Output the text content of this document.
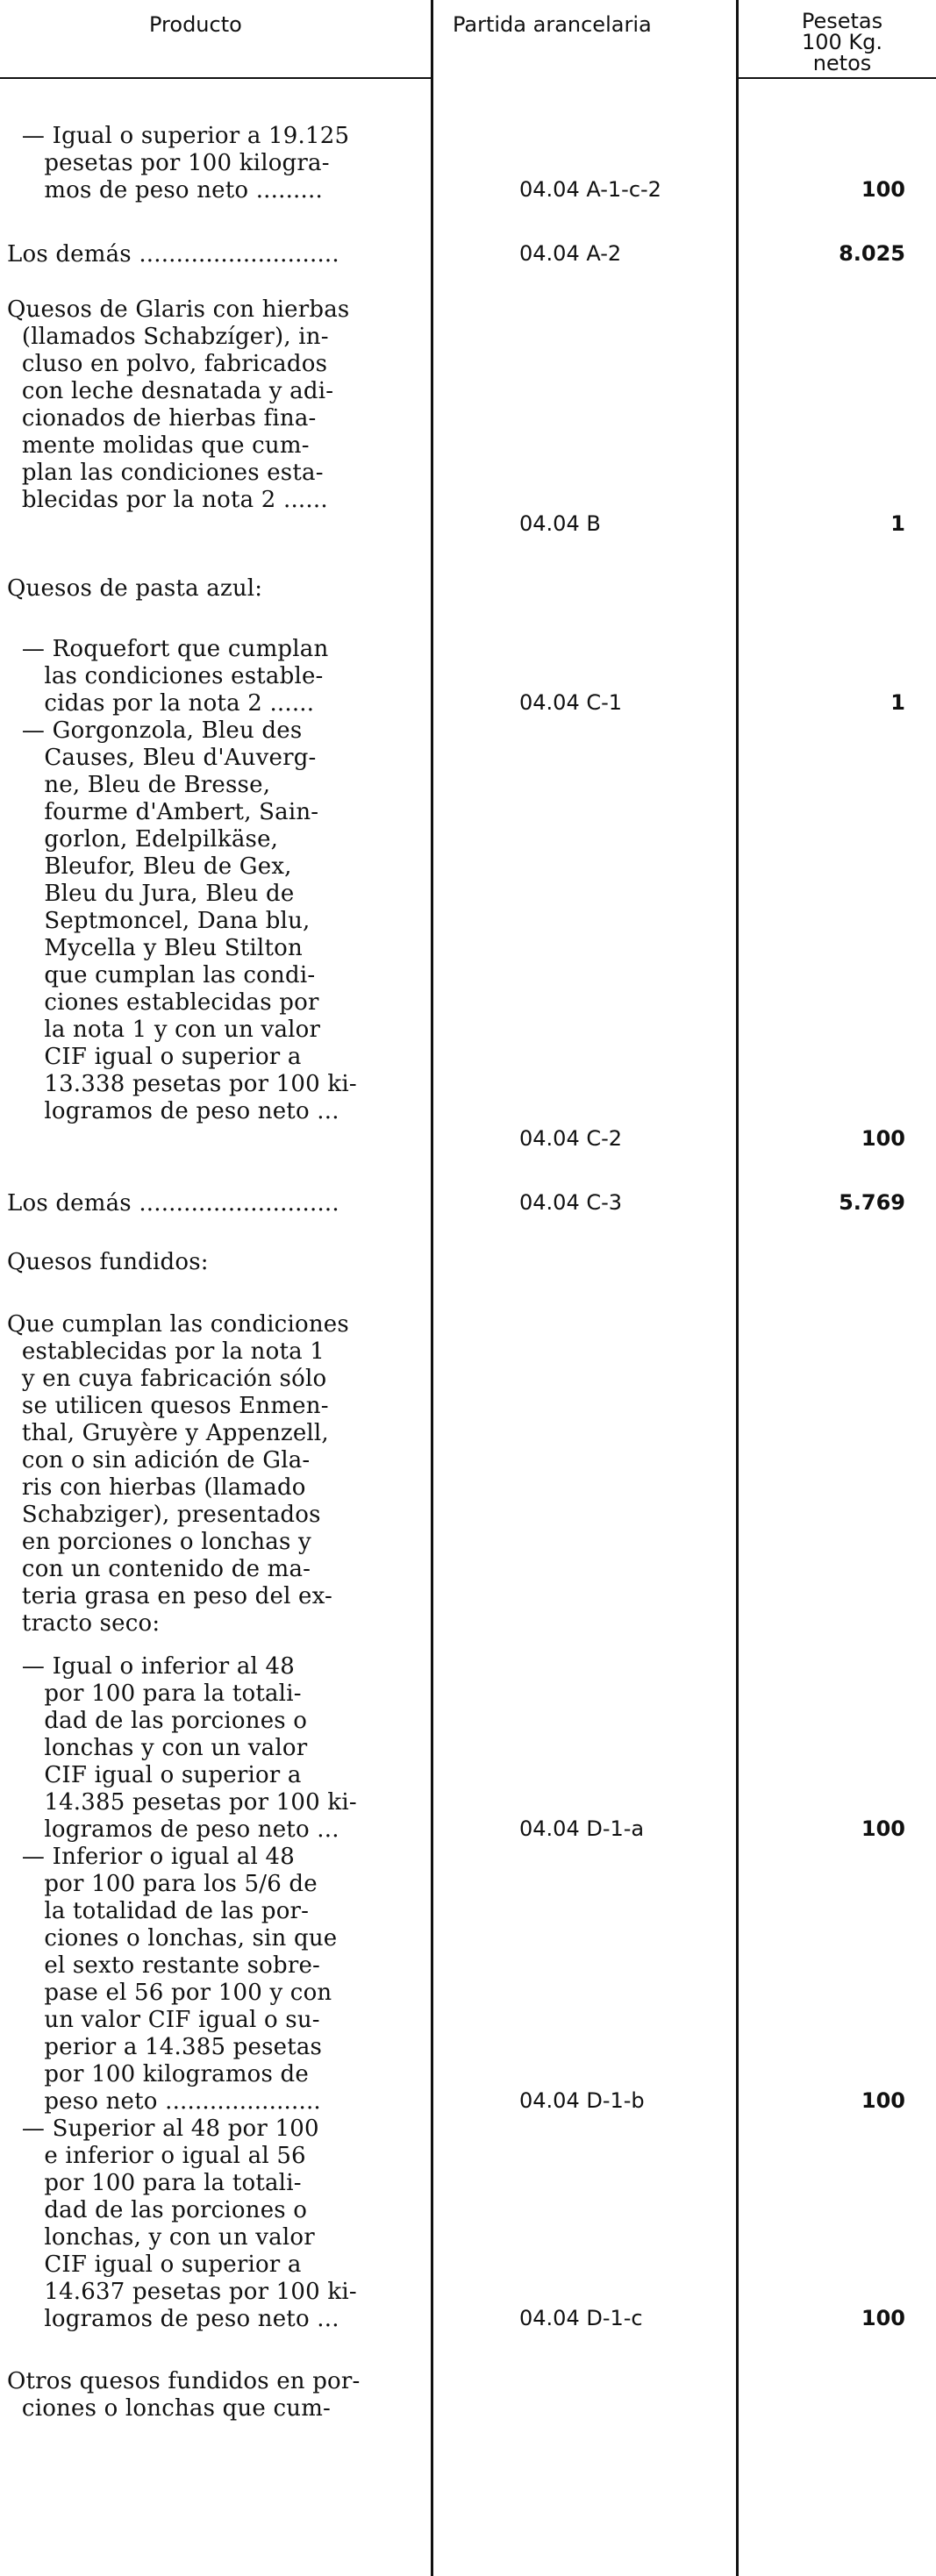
Producto	Partida arancelaria	Pesetas
100 Kg. netos
— Igual o superior a 19.125
pesetas por 100 kilogra-
mos de peso neto .........	04.04 A-1-c-2	100
Los demás ...........................	04.04 A-2	8.025
Quesos de Glaris con hierbas
(llamados Schabzíger), in-
cluso en polvo, fabricados
con leche desnatada y adi-
cionados de hierbas fina-
mente molidas que cum-
plan las condiciones esta-
blecidas por la nota 2 ......
04.04 B	1
Quesos de pasta azul:
— Roquefort que cumplan
las condiciones estable-
cidas por la nota 2 ......	04.04 C-1	1
— Gorgonzola, Bleu des
Causes, Bleu d'Auverg-
ne, Bleu de Bresse,
fourme d'Ambert, Sain-
gorlon, Edelpilkäse,
Bleufor, Bleu de Gex,
Bleu du Jura, Bleu de
Septmoncel, Dana blu,
Mycella y Bleu Stilton
que cumplan las condi-
ciones establecidas por
la nota 1 y con un valor
CIF igual o superior a
13.338 pesetas por 100 ki-
logramos de peso neto ...
04.04 C-2	100
Los demás ...........................	04.04 C-3	5.769
Quesos fundidos:
Que cumplan las condiciones
establecidas por la nota 1
y en cuya fabricación sólo
se utilicen quesos Enmen-
thal, Gruyère y Appenzell,
con o sin adición de Gla-
ris con hierbas (llamado
Schabziger), presentados
en porciones o lonchas y
con un contenido de ma-
teria grasa en peso del ex-
tracto seco:
— Igual o inferior al 48
por 100 para la totali-
dad de las porciones o
lonchas y con un valor
CIF igual o superior a
14.385 pesetas por 100 ki-
logramos de peso neto ...	04.04 D-1-a	100
— Inferior o igual al 48
por 100 para los 5/6 de
la totalidad de las por-
ciones o lonchas, sin que
el sexto restante sobre-
pase el 56 por 100 y con
un valor CIF igual o su-
perior a 14.385 pesetas
por 100 kilogramos de
peso neto .....................	04.04 D-1-b	100
— Superior al 48 por 100
e inferior o igual al 56
por 100 para la totali-
dad de las porciones o
lonchas, y con un valor
CIF igual o superior a
14.637 pesetas por 100 ki-
logramos de peso neto ...	04.04 D-1-c	100
Otros quesos fundidos en por-
ciones o lonchas que cum-
